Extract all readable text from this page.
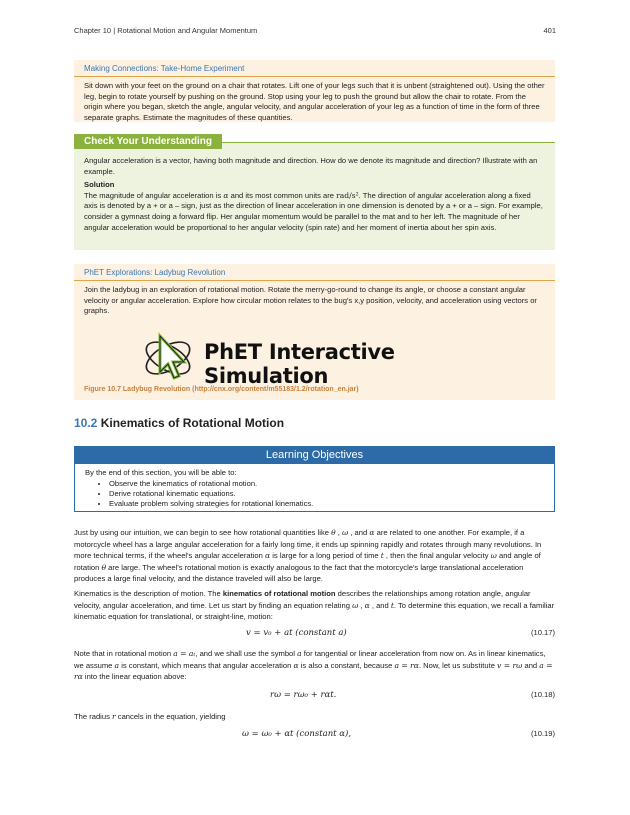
Chapter 10 | Rotational Motion and Angular Momentum	401
Making Connections: Take-Home Experiment

Sit down with your feet on the ground on a chair that rotates. Lift one of your legs such that it is unbent (straightened out). Using the other leg, begin to rotate yourself by pushing on the ground. Stop using your leg to push the ground but allow the chair to rotate. From the origin where you began, sketch the angle, angular velocity, and angular acceleration of your leg as a function of time in the form of three separate graphs. Estimate the magnitudes of these quantities.

Check Your Understanding

Angular acceleration is a vector, having both magnitude and direction. How do we denote its magnitude and direction? Illustrate with an example.

Solution

The magnitude of angular acceleration is α and its most common units are rad/s². The direction of angular acceleration along a fixed axis is denoted by a + or a – sign, just as the direction of linear acceleration in one dimension is denoted by a + or a – sign. For example, consider a gymnast doing a forward flip. Her angular momentum would be parallel to the mat and to her left. The magnitude of her angular acceleration would be proportional to her angular velocity (spin rate) and her moment of inertia about her spin axis.

PhET Explorations: Ladybug Revolution

Join the ladybug in an exploration of rotational motion. Rotate the merry-go-round to change its angle, or choose a constant angular velocity or angular acceleration. Explore how circular motion relates to the bug's x,y position, velocity, and acceleration using vectors or graphs.

PhET Interactive Simulation
Figure 10.7 Ladybug Revolution (http://cnx.org/content/m55183/1.2/rotation_en.jar)
10.2 Kinematics of Rotational Motion
Learning Objectives

By the end of this section, you will be able to:

• Observe the kinematics of rotational motion.
• Derive rotational kinematic equations.
• Evaluate problem solving strategies for rotational kinematics.

Just by using our intuition, we can begin to see how rotational quantities like θ , ω , and α are related to one another. For example, if a motorcycle wheel has a large angular acceleration for a fairly long time, it ends up spinning rapidly and rotates through many revolutions. In more technical terms, if the wheel's angular acceleration α is large for a long period of time t , then the final angular velocity ω and angle of rotation θ are large. The wheel's rotational motion is exactly analogous to the fact that the motorcycle's large translational acceleration produces a large final velocity, and the distance traveled will also be large.

Kinematics is the description of motion. The kinematics of rotational motion describes the relationships among rotation angle, angular velocity, angular acceleration, and time. Let us start by finding an equation relating ω , α , and t. To determine this equation, we recall a familiar kinematic equation for translational, or straight-line, motion:

v = v₀ + at (constant a)	(10.17)

Note that in rotational motion a = aₜ, and we shall use the symbol a for tangential or linear acceleration from now on. As in linear kinematics, we assume a is constant, which means that angular acceleration α is also a constant, because a = rα. Now, let us substitute v = rω and a = rα into the linear equation above:

rω = rω₀ + rαt.	(10.18)

The radius r cancels in the equation, yielding

ω = ω₀ + αt (constant α),	(10.19)
